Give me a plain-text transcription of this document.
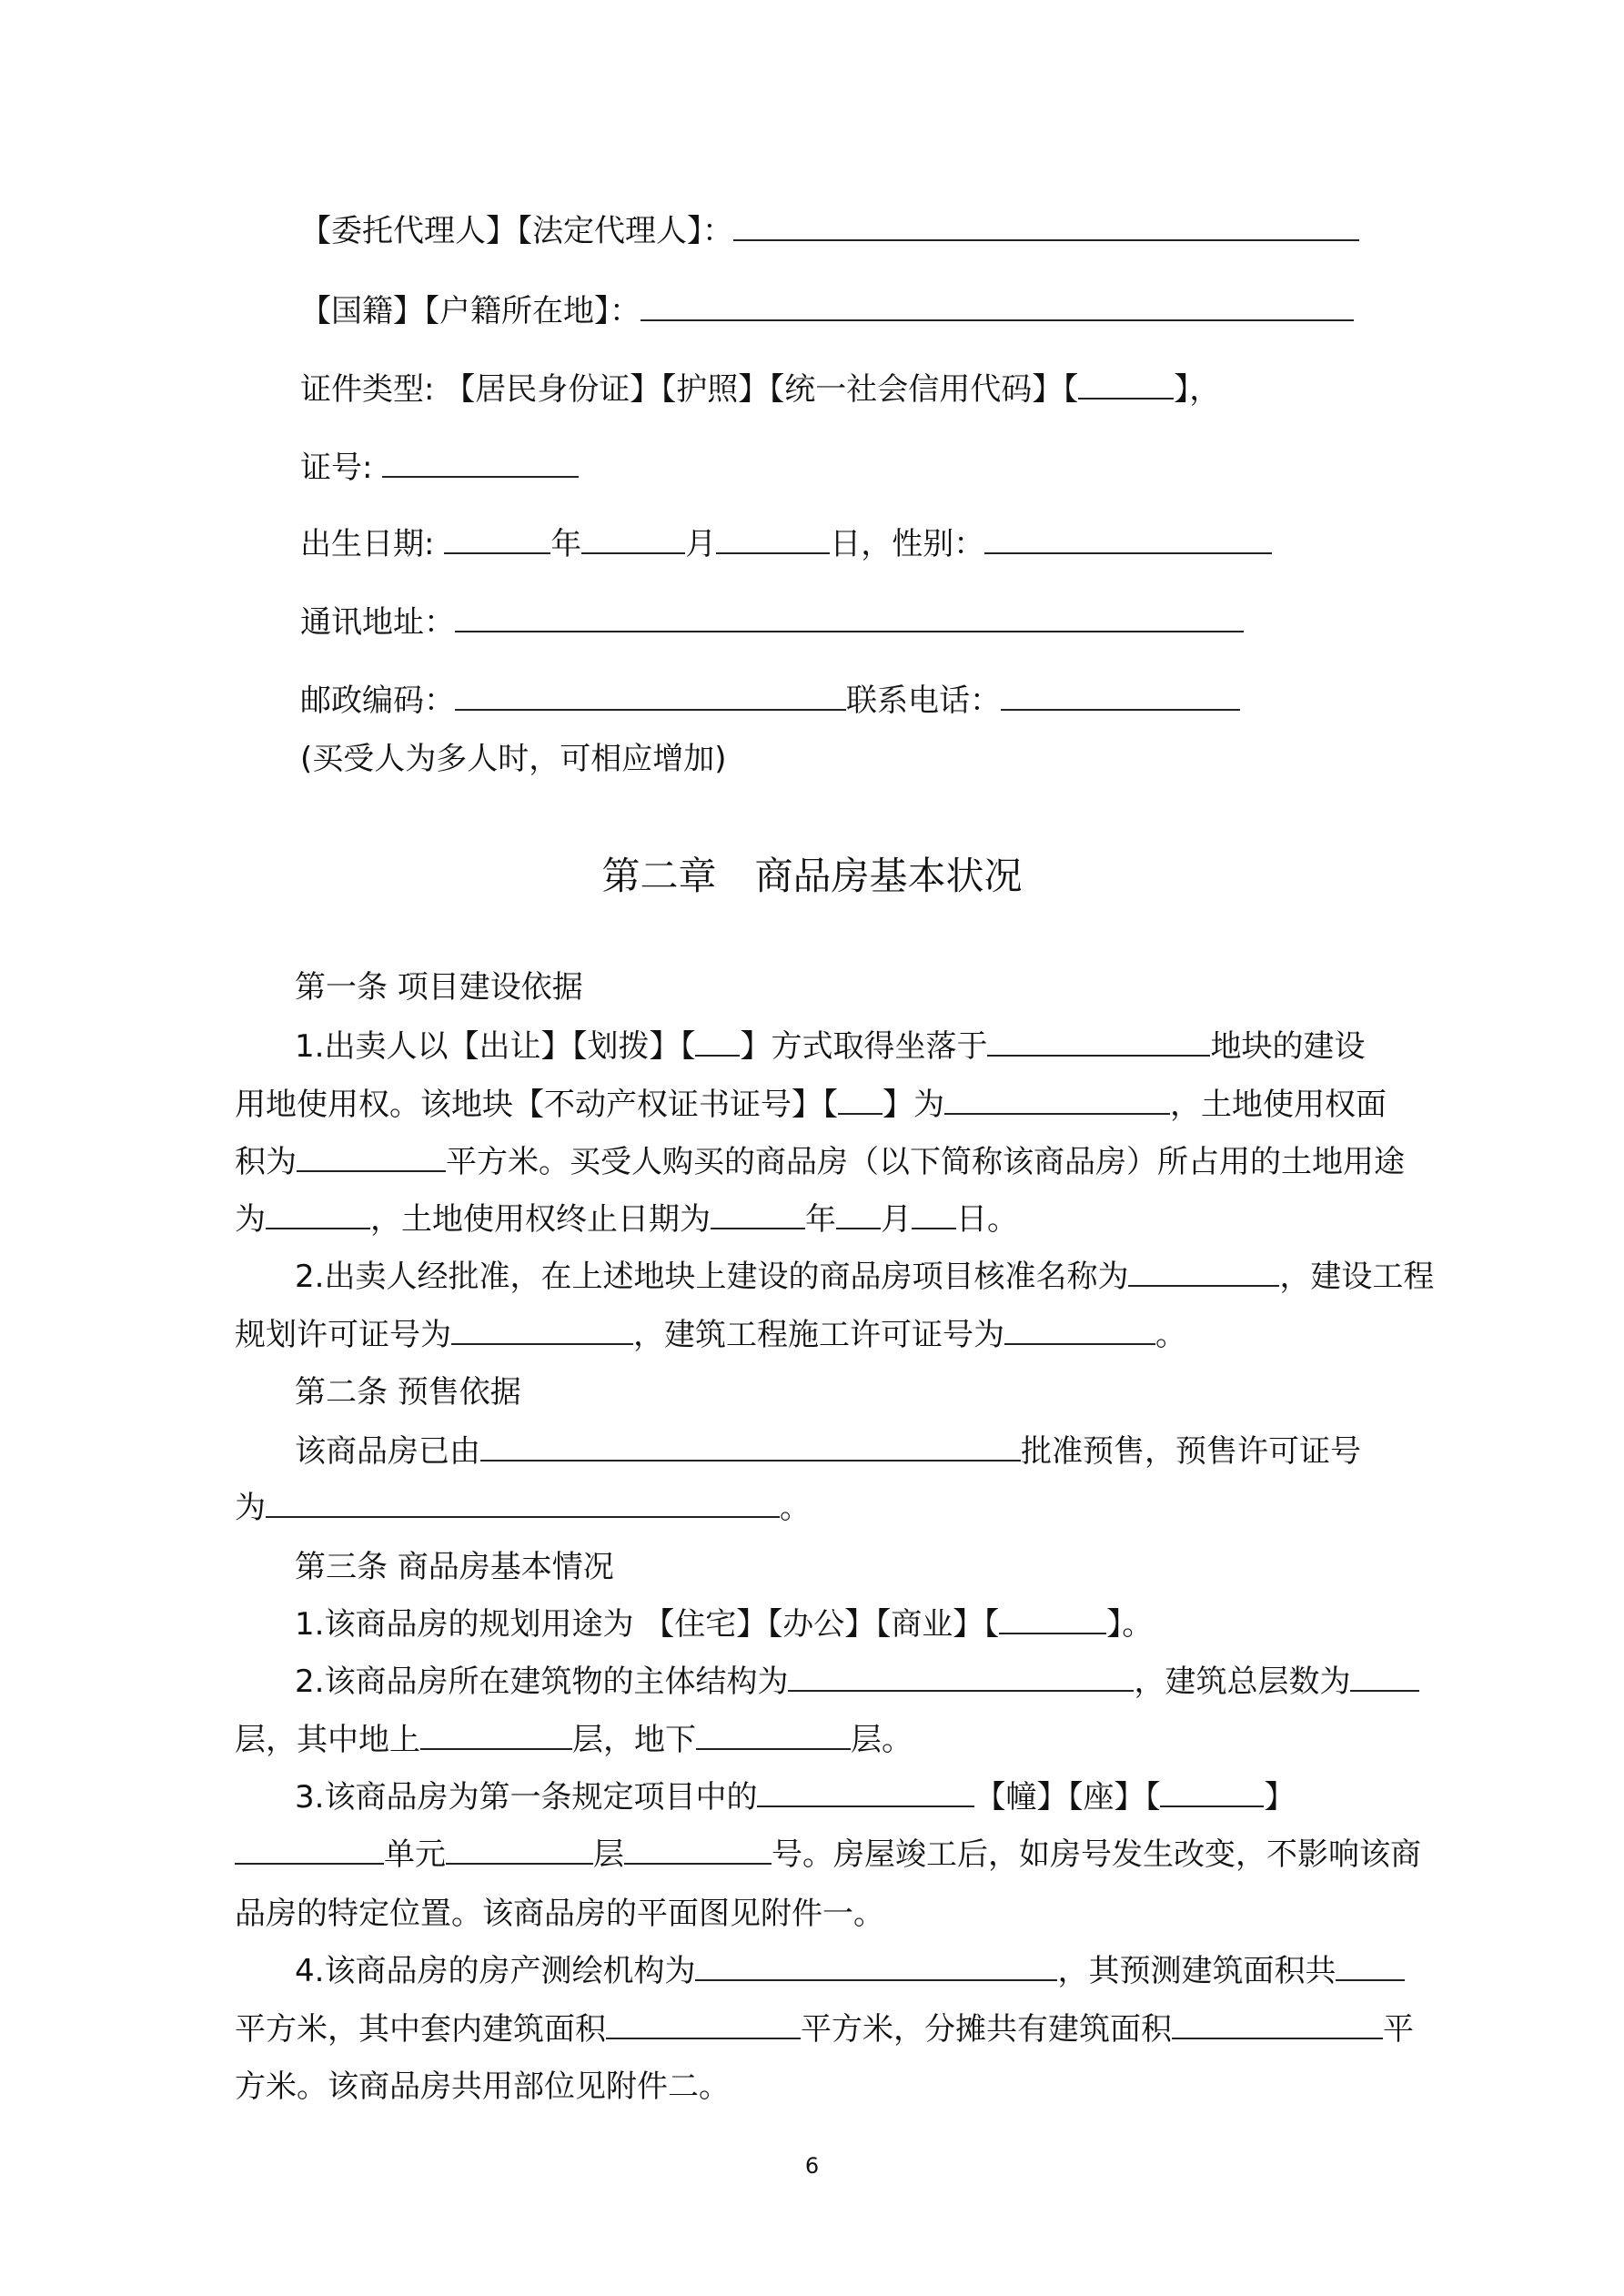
【委托代理人】【法定代理人】：
【国籍】【户籍所在地】：
证件类型: 【居民身份证】【护照】【统一社会信用代码】【	】，
证号:
出生日期:	年	月	日，性别：
通讯地址：
邮政编码：	联系电话：
(买受人为多人时，可相应增加)
第二章　商品房基本状况
第一条 项目建设依据
1.出卖人以【出让】【划拨】【 】方式取得坐落于	地块的建设
用地使用权。该地块【不动产权证书证号】【 】为	，土地使用权面
积为	平方米。买受人购买的商品房（以下简称该商品房）所占用的土地用途
为	，土地使用权终止日期为	年 月 日。
2.出卖人经批准，在上述地块上建设的商品房项目核准名称为	，建设工程
规划许可证号为	，建筑工程施工许可证号为	。
第二条 预售依据
该商品房已由	批准预售，预售许可证号
为	。
第三条 商品房基本情况
1.该商品房的规划用途为 【住宅】【办公】【商业】【	】。
2.该商品房所在建筑物的主体结构为	，建筑总层数为
层，其中地上	层，地下	层。
3.该商品房为第一条规定项目中的	【幢】【座】【	】
单元	层	号。房屋竣工后，如房号发生改变，不影响该商
品房的特定位置。该商品房的平面图见附件一。
4.该商品房的房产测绘机构为	，其预测建筑面积共
平方米，其中套内建筑面积	平方米，分摊共有建筑面积	平
方米。该商品房共用部位见附件二。
6
